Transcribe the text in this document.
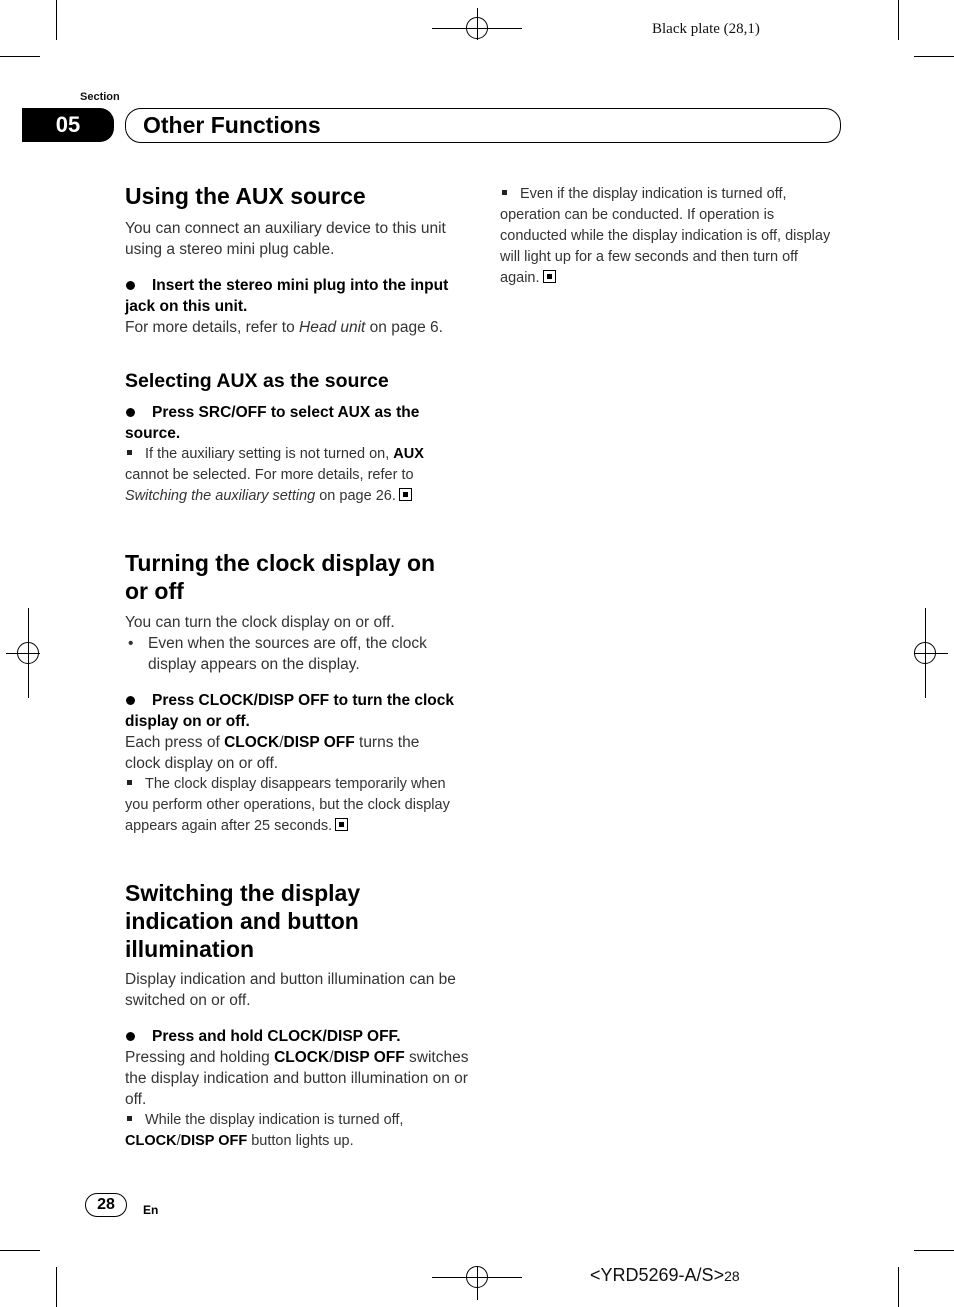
Black plate (28,1)
Section
05	Other Functions
Using the AUX source

You can connect an auxiliary device to this unit using a stereo mini plug cable.

Insert the stereo mini plug into the input jack on this unit.

For more details, refer to Head unit on page 6.

Selecting AUX as the source

Press SRC/OFF to select AUX as the source.

If the auxiliary setting is not turned on, AUX cannot be selected. For more details, refer to Switching the auxiliary setting on page 26.

Turning the clock display on or off

You can turn the clock display on or off.

• Even when the sources are off, the clock display appears on the display.

Press CLOCK/DISP OFF to turn the clock display on or off.

Each press of CLOCK/DISP OFF turns the clock display on or off.

The clock display disappears temporarily when you perform other operations, but the clock display appears again after 25 seconds.

Switching the display indication and button illumination

Display indication and button illumination can be switched on or off.

Press and hold CLOCK/DISP OFF.

Pressing and holding CLOCK/DISP OFF switches the display indication and button illumination on or off.

While the display indication is turned off, CLOCK/DISP OFF button lights up.

Even if the display indication is turned off, operation can be conducted. If operation is conducted while the display indication is off, display will light up for a few seconds and then turn off again.

28	En
<YRD5269-A/S>28
